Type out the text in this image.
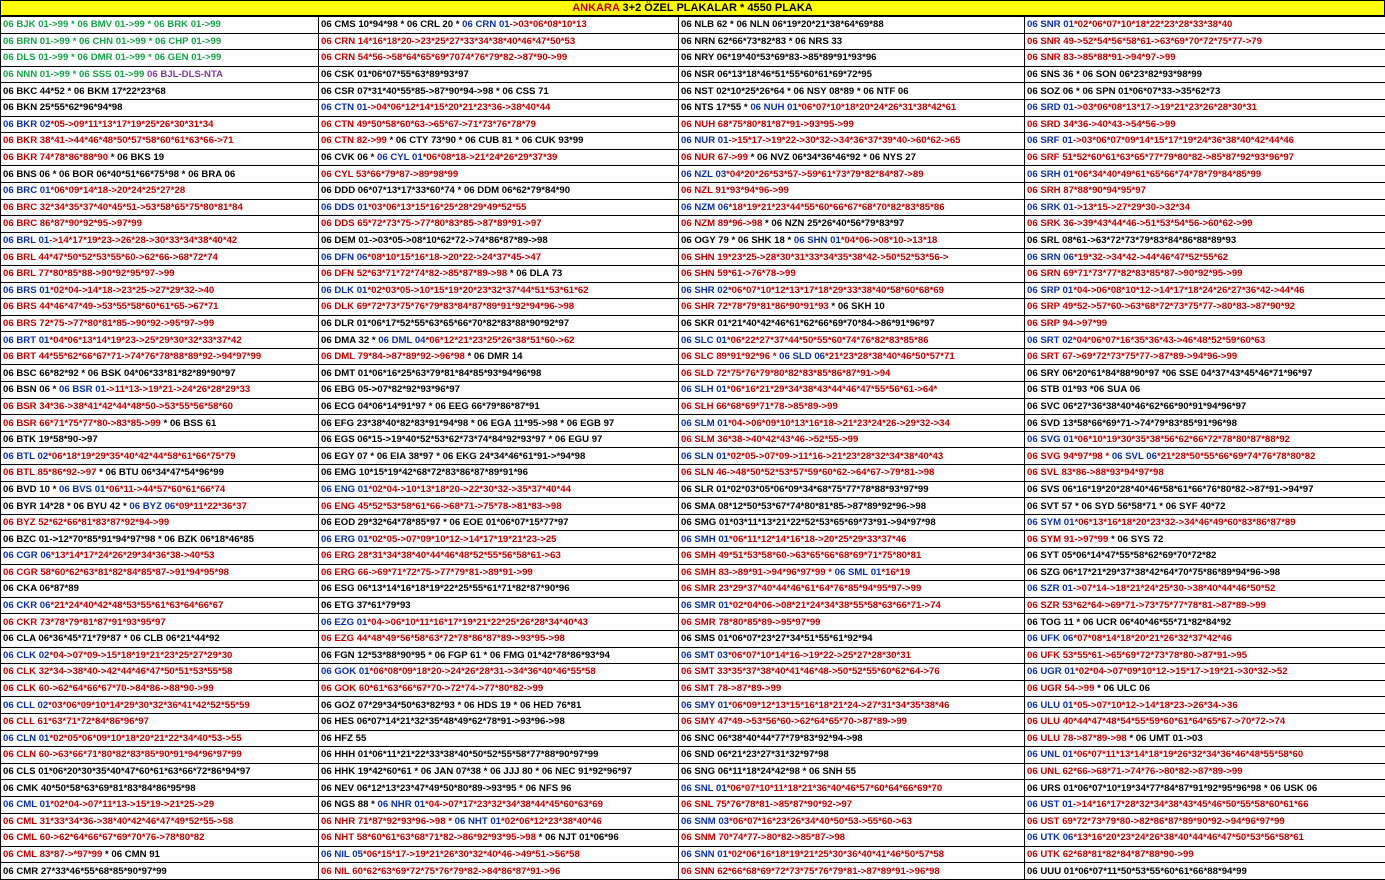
ANKARA 3+2 ÖZEL PLAKALAR * 4550 PLAKA
06 BJK 01->99 * 06 BMV 01->99 * 06 BRK 01->99	06 CMS 10*94*98 * 06 CRL 20 * 06 CRN 01->03*06*08*10*13	06 NLB 62 * 06 NLN 06*19*20*21*38*64*69*88	06 SNR 01*02*06*07*10*18*22*23*28*33*38*40
06 BRN 01->99 * 06 CHN 01->99 * 06 CHP 01->99	06 CRN 14*16*18*20->23*25*27*33*34*38*40*46*47*50*53	06 NRN 62*66*73*82*83 * 06 NRS 33	06 SNR 49->52*54*56*58*61->63*69*70*72*75*77->79
06 DLS 01->99 * 06 DMR 01->99 * 06 GEN 01->99	06 CRN 54*56->58*64*65*69*7074*76*79*82->87*90->99	06 NRY 06*19*40*53*69*83->85*89*91*93*96	06 SNR 83->85*88*91->94*97->99
06 NNN 01->99 * 06 SSS 01->99 06 BJL-DLS-NTA	06 CSK 01*06*07*55*63*89*93*97	06 NSR 06*13*18*46*51*55*60*61*69*72*95	06 SNS 36 * 06 SON 06*23*82*93*98*99
06 BKC 44*52 * 06 BKM 17*22*23*68	06 CSR 07*31*40*55*85->87*90*94->98 * 06 CSS 71	06 NST 02*10*25*26*64 * 06 NSY 08*89 * 06 NTF 06	06 SOZ 06 * 06 SPN 01*06*07*33->35*62*73
06 BKN 25*55*62*96*94*98	06 CTN 01->04*06*12*14*15*20*21*23*36->38*40*44	06 NTS 17*55 * 06 NUH 01*06*07*10*18*20*24*26*31*38*42*61	06 SRD 01->03*06*08*13*17->19*21*23*26*28*30*31
06 BKR 02*05->09*11*13*17*19*25*26*30*31*34	06 CTN 49*50*58*60*63->65*67->71*73*76*78*79	06 NUH 68*75*80*81*87*91->93*95->99	06 SRD 34*36->40*43->54*56->99
06 BKR 38*41->44*46*48*50*57*58*60*61*63*66->71	06 CTN 82->99 * 06 CTY 73*90 * 06 CUB 81 * 06 CUK 93*99	06 NUR 01->15*17->19*22->30*32->34*36*37*39*40->60*62->65	06 SRF 01->03*06*07*09*14*15*17*19*24*36*38*40*42*44*46
06 BKR 74*78*86*88*90 * 06 BKS 19	06 CVK 06 * 06 CYL 01*06*08*18->21*24*26*29*37*39	06 NUR 67->99 * 06 NVZ 06*34*36*46*92 * 06 NYS 27	06 SRF 51*52*60*61*63*65*77*79*80*82->85*87*92*93*96*97
06 BNS 06 * 06 BOR 06*40*51*66*75*98 * 06 BRA 06	06 CYL 53*66*79*87->89*98*99	06 NZL 03*04*20*26*53*57->59*61*73*79*82*84*87->89	06 SRH 01*06*34*40*49*61*65*66*74*78*79*84*85*99
06 BRC 01*06*09*14*18->20*24*25*27*28	06 DDD 06*07*13*17*33*60*74 * 06 DDM 06*62*79*84*90	06 NZL 91*93*94*96->99	06 SRH 87*88*90*94*95*97
06 BRC 32*34*35*37*40*45*51->53*58*65*75*80*81*84	06 DDS 01*03*06*13*15*16*25*28*29*49*52*55	06 NZM 06*18*19*21*23*44*55*60*66*67*68*70*82*83*85*86	06 SRK 01->13*15->27*29*30->32*34
06 BRC 86*87*90*92*95->97*99	06 DDS 65*72*73*75->77*80*83*85->87*89*91->97	06 NZM 89*96->98 * 06 NZN 25*26*40*56*79*83*97	06 SRK 36->39*43*44*46->51*53*54*56->60*62->99
06 BRL 01->14*17*19*23->26*28->30*33*34*38*40*42	06 DEM 01->03*05->08*10*62*72->74*86*87*89->98	06 OGY 79 * 06 SHK 18 * 06 SHN 01*04*06->08*10->13*18	06 SRL 08*61->63*72*73*79*83*84*86*88*89*93
06 BRL 44*47*50*52*53*55*60->62*66->68*72*74	06 DFN 06*08*10*15*16*18->20*22->24*37*45->47	06 SHN 19*23*25->28*30*31*33*34*35*38*42->50*52*53*56->	06 SRN 06*19*32->34*42->44*46*47*52*55*62
06 BRL 77*80*85*88->90*92*95*97->99	06 DFN 52*63*71*72*74*82->85*87*89->98 * 06 DLA 73	06 SHN 59*61->76*78->99	06 SRN 69*71*73*77*82*83*85*87->90*92*95->99
06 BRS 01*02*04->14*18->23*25->27*29*32->40	06 DLK 01*02*03*05->10*15*19*20*23*32*37*44*51*53*61*62	06 SHR 02*06*07*10*12*13*17*18*29*33*38*40*58*60*68*69	06 SRP 01*04->06*08*10*12->14*17*18*24*26*27*36*42->44*46
06 BRS 44*46*47*49->53*55*58*60*61*65->67*71	06 DLK 69*72*73*75*76*79*83*84*87*89*91*92*94*96->98	06 SHR 72*78*79*81*86*90*91*93 * 06 SKH 10	06 SRP 49*52->57*60->63*68*72*73*75*77->80*83->87*90*92
06 BRS 72*75->77*80*81*85->90*92->95*97->99	06 DLR 01*06*17*52*55*63*65*66*70*82*83*88*90*92*97	06 SKR 01*21*40*42*46*61*62*66*69*70*84->86*91*96*97	06 SRP 94->97*99
06 BRT 01*04*06*13*14*19*23->25*29*30*32*33*37*42	06 DMA 32 * 06 DML 04*06*12*21*23*25*26*38*51*60->62	06 SLC 01*06*22*27*37*44*50*55*60*74*76*82*83*85*86	06 SRT 02*04*06*07*16*35*36*43->46*48*52*59*60*63
06 BRT 44*55*62*66*67*71->74*76*78*88*89*92->94*97*99	06 DML 79*84->87*89*92->96*98 * 06 DMR 14	06 SLC 89*91*92*96 * 06 SLD 06*21*23*28*38*40*46*50*57*71	06 SRT 67->69*72*73*75*77->87*89->94*96->99
06 BSC 66*82*92 * 06 BSK 04*06*33*81*82*89*90*97	06 DMT 01*06*16*25*63*79*81*84*85*93*94*96*98	06 SLD 72*75*76*79*80*82*83*85*86*87*91->94	06 SRY 06*20*61*84*88*90*97 *06 SSE 04*37*43*45*46*71*96*97
06 BSN 06 * 06 BSR 01->11*13->19*21->24*26*28*29*33	06 EBG 05->07*82*92*93*96*97	06 SLH 01*06*16*21*29*34*38*43*44*46*47*55*56*61->64*	06 STB 01*93 *06 SUA 06
06 BSR 34*36->38*41*42*44*48*50->53*55*56*58*60	06 ECG 04*06*14*91*97 * 06 EEG 66*79*86*87*91	06 SLH 66*68*69*71*78->85*89->99	06 SVC 06*27*36*38*40*46*62*66*90*91*94*96*97
06 BSR 66*71*75*77*80->83*85->99 * 06 BSS 61	06 EFG 23*38*40*82*83*91*94*98 * 06 EGA 11*95->98 * 06 EGB 97	06 SLM 01*04->06*09*10*13*16*18->21*23*24*26->29*32->34	06 SVD 13*58*66*69*71->74*79*83*85*91*96*98
06 BTK 19*58*90->97	06 EGS 06*15->19*40*52*53*62*73*74*84*92*93*97 * 06 EGU 97	06 SLM 36*38->40*42*43*46->52*55->99	06 SVG 01*06*10*19*30*35*38*56*62*66*72*78*80*87*88*92
06 BTL 02*06*18*19*29*35*40*42*44*58*61*66*75*79	06 EGY 07 * 06 EIA 38*97 * 06 EKG 24*34*46*61*91->*94*98	06 SLN 01*02*05->07*09->11*16->21*23*28*32*34*38*40*43	06 SVG 94*97*98 * 06 SVL 06*21*28*50*55*66*69*74*76*78*80*82
06 BTL 85*86*92->97 * 06 BTU 06*34*47*54*96*99	06 EMG 10*15*19*42*68*72*83*86*87*89*91*96	06 SLN 46->48*50*52*53*57*59*60*62->64*67->79*81->98	06 SVL 83*86->88*93*94*97*98
06 BVD 10 * 06 BVS 01*06*11->44*57*60*61*66*74	06 ENG 01*02*04->10*13*18*20->22*30*32->35*37*40*44	06 SLR 01*02*03*05*06*09*34*68*75*77*78*88*93*97*99	06 SVS 06*16*19*20*28*40*46*58*61*66*76*80*82->87*91->94*97
06 BYR 14*28 * 06 BYU 42 * 06 BYZ 06*09*11*22*36*37	06 ENG 45*52*53*58*61*66->68*71->75*78->81*83->98	06 SMA 08*12*50*53*67*74*80*81*85->87*89*92*96->98	06 SVT 57 * 06 SYD 56*58*71 * 06 SYF 40*72
06 BYZ 52*62*66*81*83*87*92*94->99	06 EOD 29*32*64*78*85*97 * 06 EOE 01*06*07*15*77*97	06 SMG 01*03*11*13*21*22*52*53*65*69*73*91->94*97*98	06 SYM 01*06*13*16*18*20*23*32->34*46*49*60*83*86*87*89
06 BZC 01->12*70*85*91*94*97*98 * 06 BZK 06*18*46*85	06 ERG 01*02*05->07*09*10*12->14*17*19*21*23->25	06 SMH 01*06*11*12*14*16*18->20*25*29*33*37*46	06 SYM 91->97*99 * 06 SYS 72
06 CGR 06*13*14*17*24*26*29*34*36*38->40*53	06 ERG 28*31*34*38*40*44*46*48*52*55*56*58*61->63	06 SMH 49*51*53*58*60->63*65*66*68*69*71*75*80*81	06 SYT 05*06*14*47*55*58*62*69*70*72*82
06 CGR 58*60*62*63*81*82*84*85*87->91*94*95*98	06 ERG 66->69*71*72*75->77*79*81->89*91->99	06 SMH 83->89*91->94*96*97*99 * 06 SML 01*16*19	06 SZG 06*17*21*29*37*38*42*64*70*75*86*89*94*96->98
06 CKA 06*87*89	06 ESG 06*13*14*16*18*19*22*25*55*61*71*82*87*90*96	06 SMR 23*29*37*40*44*46*61*64*76*85*94*95*97->99	06 SZR 01->07*14->18*21*24*25*30->38*40*44*46*50*52
06 CKR 06*21*24*40*42*48*53*55*61*63*64*66*67	06 ETG 37*61*79*93	06 SMR 01*02*04*06->08*21*24*34*38*55*58*63*66*71->74	06 SZR 53*62*64->69*71->73*75*77*78*81->87*89->99
06 CKR 73*78*79*81*87*91*93*95*97	06 EZG 01*04->06*10*11*16*17*19*21*22*25*26*28*34*40*43	06 SMR 78*80*85*89->95*97*99	06 TOG 11 * 06 UCR 06*40*46*55*71*82*84*92
06 CLA 06*36*45*71*79*87 * 06 CLB 06*21*44*92	06 EZG 44*48*49*56*58*63*72*78*86*87*89->93*95->98	06 SMS 01*06*07*23*27*34*51*55*61*92*94	06 UFK 06*07*08*14*18*20*21*26*32*37*42*46
06 CLK 02*04->07*09->15*18*19*21*23*25*27*29*30	06 FGN 12*53*88*90*95 * 06 FGP 61 * 06 FMG 01*42*78*86*93*94	06 SMT 03*06*07*10*14*16->19*22->25*27*28*30*31	06 UFK 53*55*61->65*69*72*73*78*80->87*91->95
06 CLK 32*34->38*40->42*44*46*47*50*51*53*55*58	06 GOK 01*06*08*09*18*20->24*26*28*31->34*36*40*46*55*58	06 SMT 33*35*37*38*40*41*46*48->50*52*55*60*62*64->76	06 UGR 01*02*04->07*09*10*12->15*17->19*21->30*32->52
06 CLK 60->62*64*66*67*70->84*86->88*90->99	06 GOK 60*61*63*66*67*70->72*74->77*80*82->99	06 SMT 78->87*89->99	06 UGR 54->99 * 06 ULC 06
06 CLL 02*03*06*09*10*14*29*30*32*36*41*42*52*55*59	06 GOZ 07*29*34*50*63*82*93 * 06 HDS 19 * 06 HED 76*81	06 SMY 01*06*09*12*13*15*16*18*21*24->27*31*34*35*38*46	06 ULU 01*05->07*10*12->14*18*23->26*34->36
06 CLL 61*63*71*72*84*86*96*97	06 HES 06*07*14*21*32*35*48*49*62*78*91->93*96->98	06 SMY 47*49->53*56*60->62*64*65*70->87*89->99	06 ULU 40*44*47*48*54*55*59*60*61*64*65*67->70*72->74
06 CLN 01*02*05*06*09*10*18*20*21*22*34*40*53->55	06 HFZ 55	06 SNC 06*38*40*44*77*79*83*92*94->98	06 ULU 78->87*89->98 * 06 UMT 01->03
06 CLN 60->63*66*71*80*82*83*85*90*91*94*96*97*99	06 HHH 01*06*11*21*22*33*38*40*50*52*55*58*77*88*90*97*99	06 SND 06*21*23*27*31*32*97*98	06 UNL 01*06*07*11*13*14*18*19*26*32*34*36*46*48*55*58*60
06 CLS 01*06*20*30*35*40*47*60*61*63*66*72*86*94*97	06 HHK 19*42*60*61 * 06 JAN 07*38 * 06 JJJ 80 * 06 NEC 91*92*96*97	06 SNG 06*11*18*24*42*98 * 06 SNH 55	06 UNL 62*66->68*71->74*76->80*82->87*89->99
06 CMK 40*50*58*63*69*81*83*84*86*95*98	06 NEV 06*12*13*23*47*49*50*80*89->93*95 * 06 NFS 96	06 SNL 01*06*07*10*11*18*21*36*40*46*57*60*64*66*69*70	06 URS 01*06*07*10*19*34*77*84*87*91*92*95*96*98 * 06 USK 06
06 CML 01*02*04->07*11*13->15*19->21*25->29	06 NGS 88 * 06 NHR 01*04->07*17*23*32*34*38*44*45*60*63*69	06 SNL 75*76*78*81->85*87*90*92->97	06 UST 01->14*16*17*28*32*34*38*43*45*46*50*55*58*60*61*66
06 CML 31*33*34*36->38*40*42*46*47*49*52*55->58	06 NHR 71*87*92*93*96->98 * 06 NHT 01*02*06*12*23*38*40*46	06 SNM 03*06*07*16*23*26*34*40*50*53->55*60->63	06 UST 69*72*73*79*80->82*86*87*89*90*92->94*96*97*99
06 CML 60->62*64*66*67*69*70*76->78*80*82	06 NHT 58*60*61*63*68*71*82->86*92*93*95->98 * 06 NJT 01*06*96	06 SNM 70*74*77->80*82->85*87->98	06 UTK 06*13*16*20*23*24*26*38*40*44*46*47*50*53*56*58*61
06 CML 83*87->*97*99 * 06 CMN 91	06 NIL 05*06*15*17->19*21*26*30*32*40*46->49*51->56*58	06 SNN 01*02*06*16*18*19*21*25*30*36*40*41*46*50*57*58	06 UTK 62*68*81*82*84*87*88*90->99
06 CMR 27*33*46*55*68*85*90*97*99	06 NIL 60*62*63*69*72*75*76*79*82->84*86*87*91->96	06 SNN 62*66*68*69*72*73*75*76*79*81->87*89*91->96*98	06 UUU 01*06*07*11*50*53*55*60*61*66*88*94*99
